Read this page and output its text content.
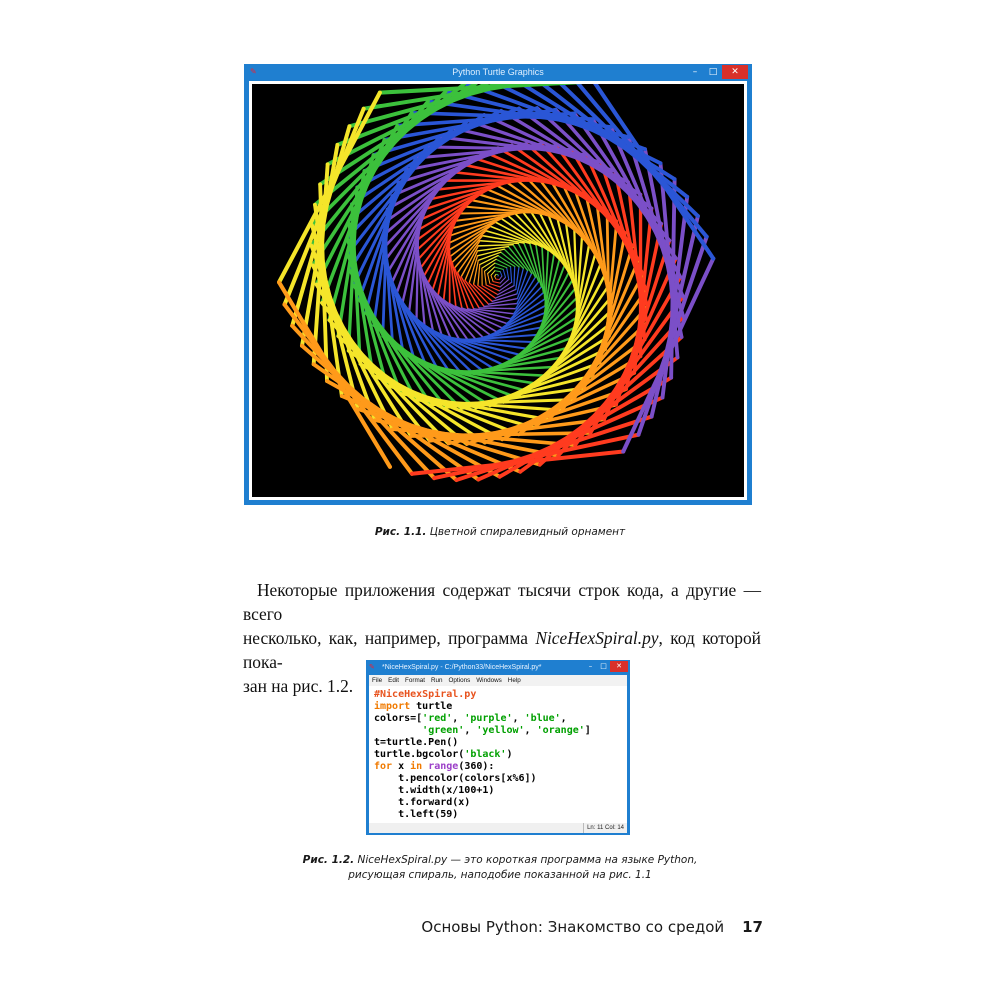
✎	Python Turtle Graphics	–	□	✕
Рис. 1.1. Цветной спиралевидный орнамент
Некоторые приложения содержат тысячи строк кода, а другие — всего
несколько, как, например, программа NiceHexSpiral.py, код которой пока-
зан на рис. 1.2.
✎ *NiceHexSpiral.py - C:/Python33/NiceHexSpiral.py*	–	□	✕
File Edit Format Run Options Windows Help
#NiceHexSpiral.py
import turtle
colors=['red', 'purple', 'blue',
'green', 'yellow', 'orange']
t=turtle.Pen()
turtle.bgcolor('black')
for x in range(360):
t.pencolor(colors[x%6])
t.width(x/100+1)
t.forward(x)
t.left(59)
Ln: 11 Col: 14
Рис. 1.2. NiceHexSpiral.py — это короткая программа на языке Python,
рисующая спираль, наподобие показанной на рис. 1.1
Основы Python: Знакомство со средой 17
